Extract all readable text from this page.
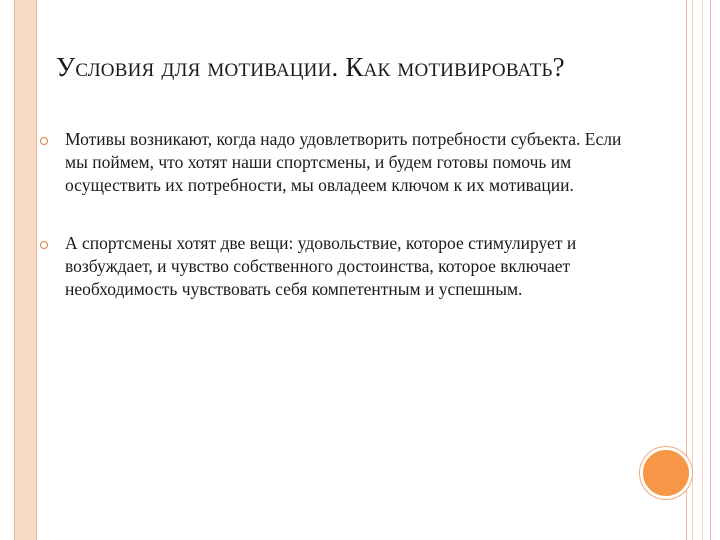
Условия для мотивации. Как мотивировать?
Мотивы возникают, когда надо удовлетворить потребности субъекта. Если мы поймем, что хотят наши спортсмены, и будем готовы помочь им осуществить их потребности, мы овладеем ключом к их мотивации.
А спортсмены хотят две вещи: удовольствие, которое стимулирует и возбуждает, и чувство собственного достоинства, которое включает необходимость чувствовать себя компетентным и успешным.
